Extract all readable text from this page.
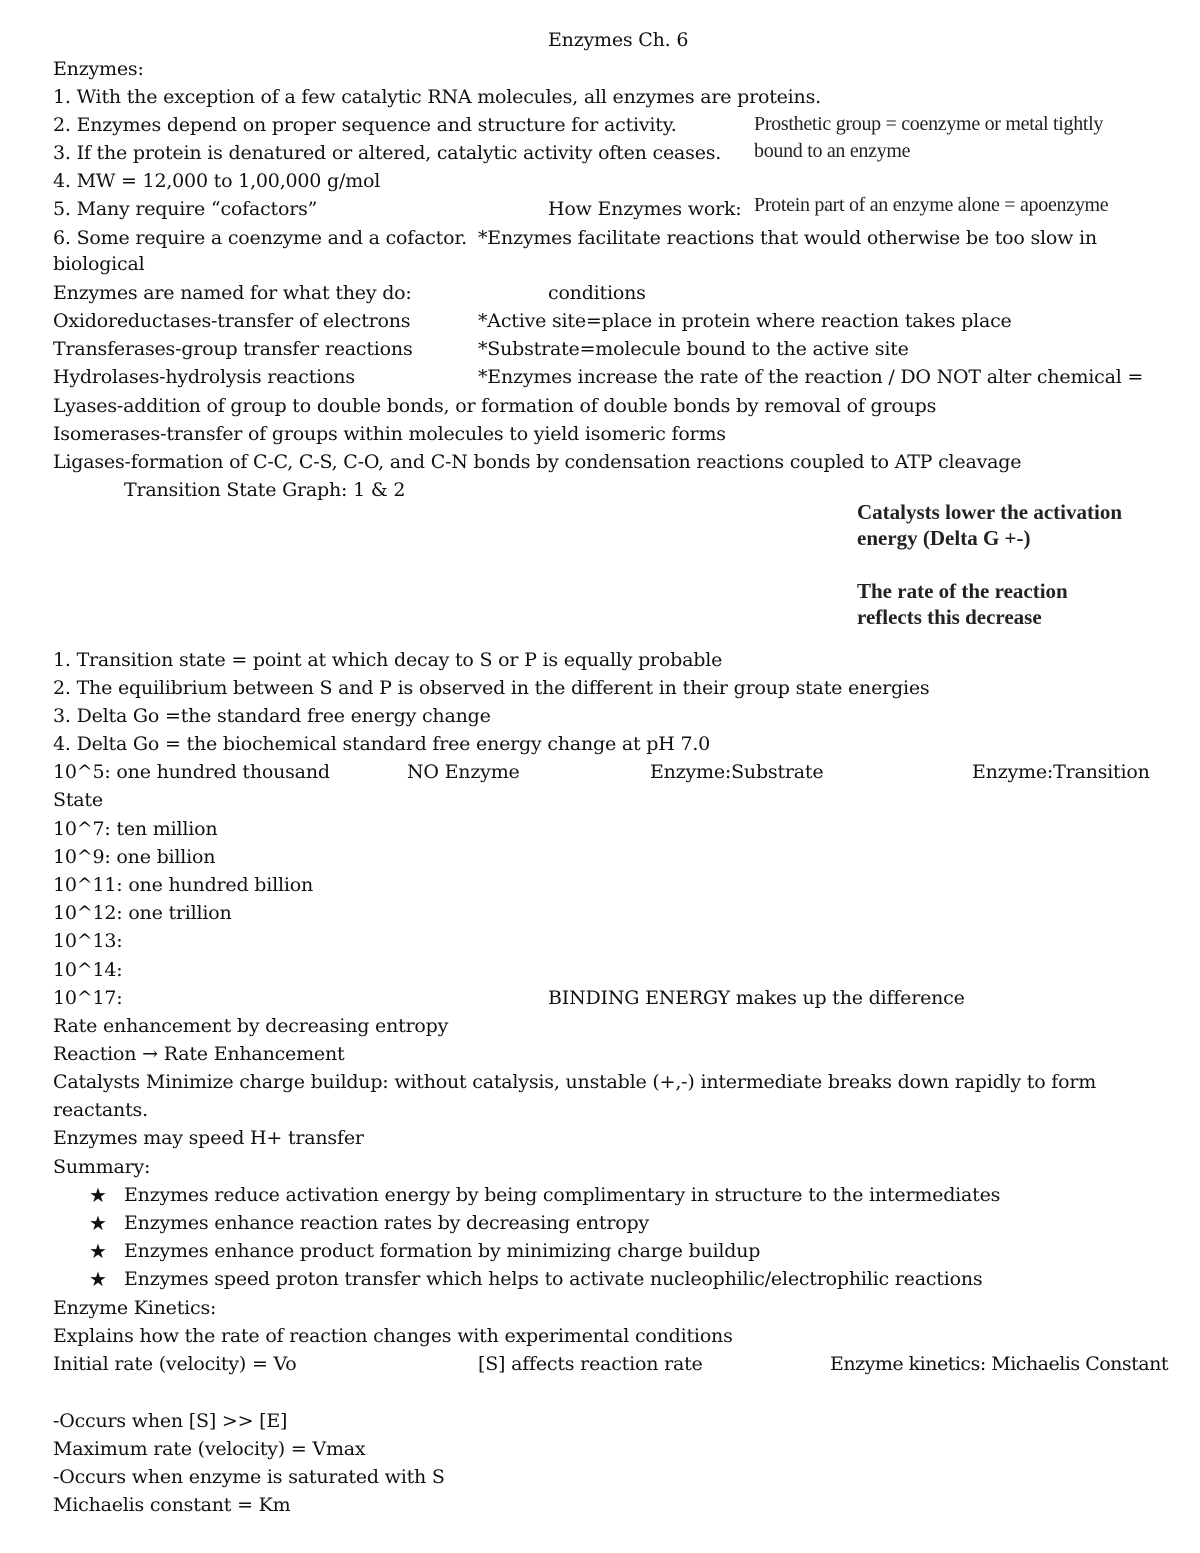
Enzymes Ch. 6
Enzymes:
1. With the exception of a few catalytic RNA molecules, all enzymes are proteins.
2. Enzymes depend on proper sequence and structure for activity.
3. If the protein is denatured or altered, catalytic activity often ceases.
4. MW = 12,000 to 1,00,000 g/mol
5. Many require “cofactors”
6. Some require a coenzyme and a cofactor.
Prosthetic group = coenzyme or metal tightly
bound to an enzyme
Protein part of an enzyme alone = apoenzyme
How Enzymes work:
*Enzymes facilitate reactions that would otherwise be too slow in
biological
Enzymes are named for what they do:	conditions
Oxidoreductases-transfer of electrons	*Active site=place in protein where reaction takes place
Transferases-group transfer reactions	*Substrate=molecule bound to the active site
Hydrolases-hydrolysis reactions	*Enzymes increase the rate of the reaction / DO NOT alter chemical =
Lyases-addition of group to double bonds, or formation of double bonds by removal of groups
Isomerases-transfer of groups within molecules to yield isomeric forms
Ligases-formation of C-C, C-S, C-O, and C-N bonds by condensation reactions coupled to ATP cleavage
Transition State Graph: 1 & 2
Catalysts lower the activation
energy (Delta G +-)
The rate of the reaction
reflects this decrease
1. Transition state = point at which decay to S or P is equally probable
2. The equilibrium between S and P is observed in the different in their group state energies
3. Delta Go =the standard free energy change
4. Delta Go = the biochemical standard free energy change at pH 7.0
10^5: one hundred thousand	NO Enzyme	Enzyme:Substrate	Enzyme:Transition
State
10^7: ten million
10^9: one billion
10^11: one hundred billion
10^12: one trillion
10^13:
10^14:
10^17:	BINDING ENERGY makes up the difference
Rate enhancement by decreasing entropy
Reaction → Rate Enhancement
Catalysts Minimize charge buildup: without catalysis, unstable (+,-) intermediate breaks down rapidly to form
reactants.
Enzymes may speed H+ transfer
Summary:
★ Enzymes reduce activation energy by being complimentary in structure to the intermediates
★ Enzymes enhance reaction rates by decreasing entropy
★ Enzymes enhance product formation by minimizing charge buildup
★ Enzymes speed proton transfer which helps to activate nucleophilic/electrophilic reactions
Enzyme Kinetics:
Explains how the rate of reaction changes with experimental conditions
Initial rate (velocity) = Vo	[S] affects reaction rate	Enzyme kinetics: Michaelis Constant
-Occurs when [S] >> [E]
Maximum rate (velocity) = Vmax
-Occurs when enzyme is saturated with S
Michaelis constant = Km
